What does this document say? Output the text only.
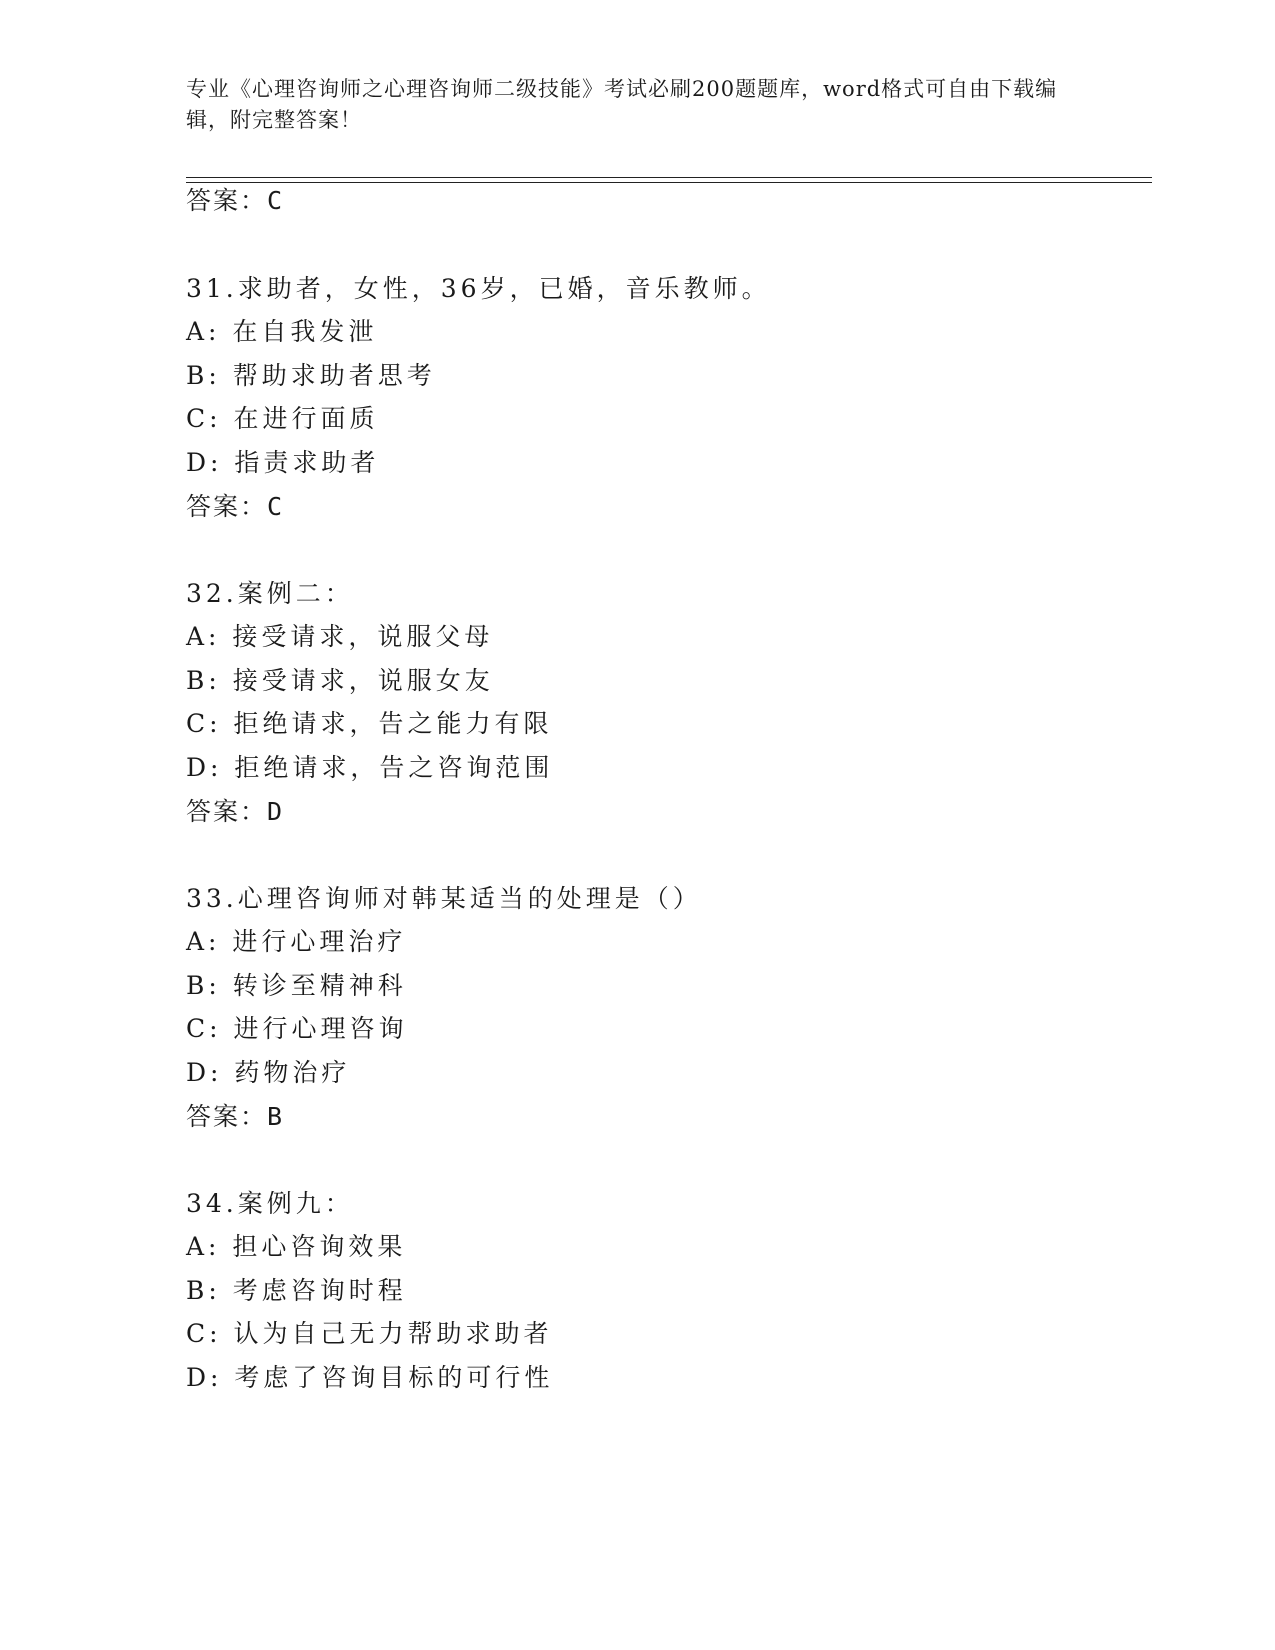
专业《心理咨询师之心理咨询师二级技能》考试必刷200题题库，word格式可自由下载编辑，附完整答案！
答案：C
31.求助者，女性，36岁，已婚，音乐教师。
A: 在自我发泄
B: 帮助求助者思考
C: 在进行面质
D: 指责求助者
答案：C
32.案例二：
A: 接受请求，说服父母
B: 接受请求，说服女友
C: 拒绝请求，告之能力有限
D: 拒绝请求，告之咨询范围
答案：D
33.心理咨询师对韩某适当的处理是（）
A: 进行心理治疗
B: 转诊至精神科
C: 进行心理咨询
D: 药物治疗
答案：B
34.案例九：
A: 担心咨询效果
B: 考虑咨询时程
C: 认为自己无力帮助求助者
D: 考虑了咨询目标的可行性
